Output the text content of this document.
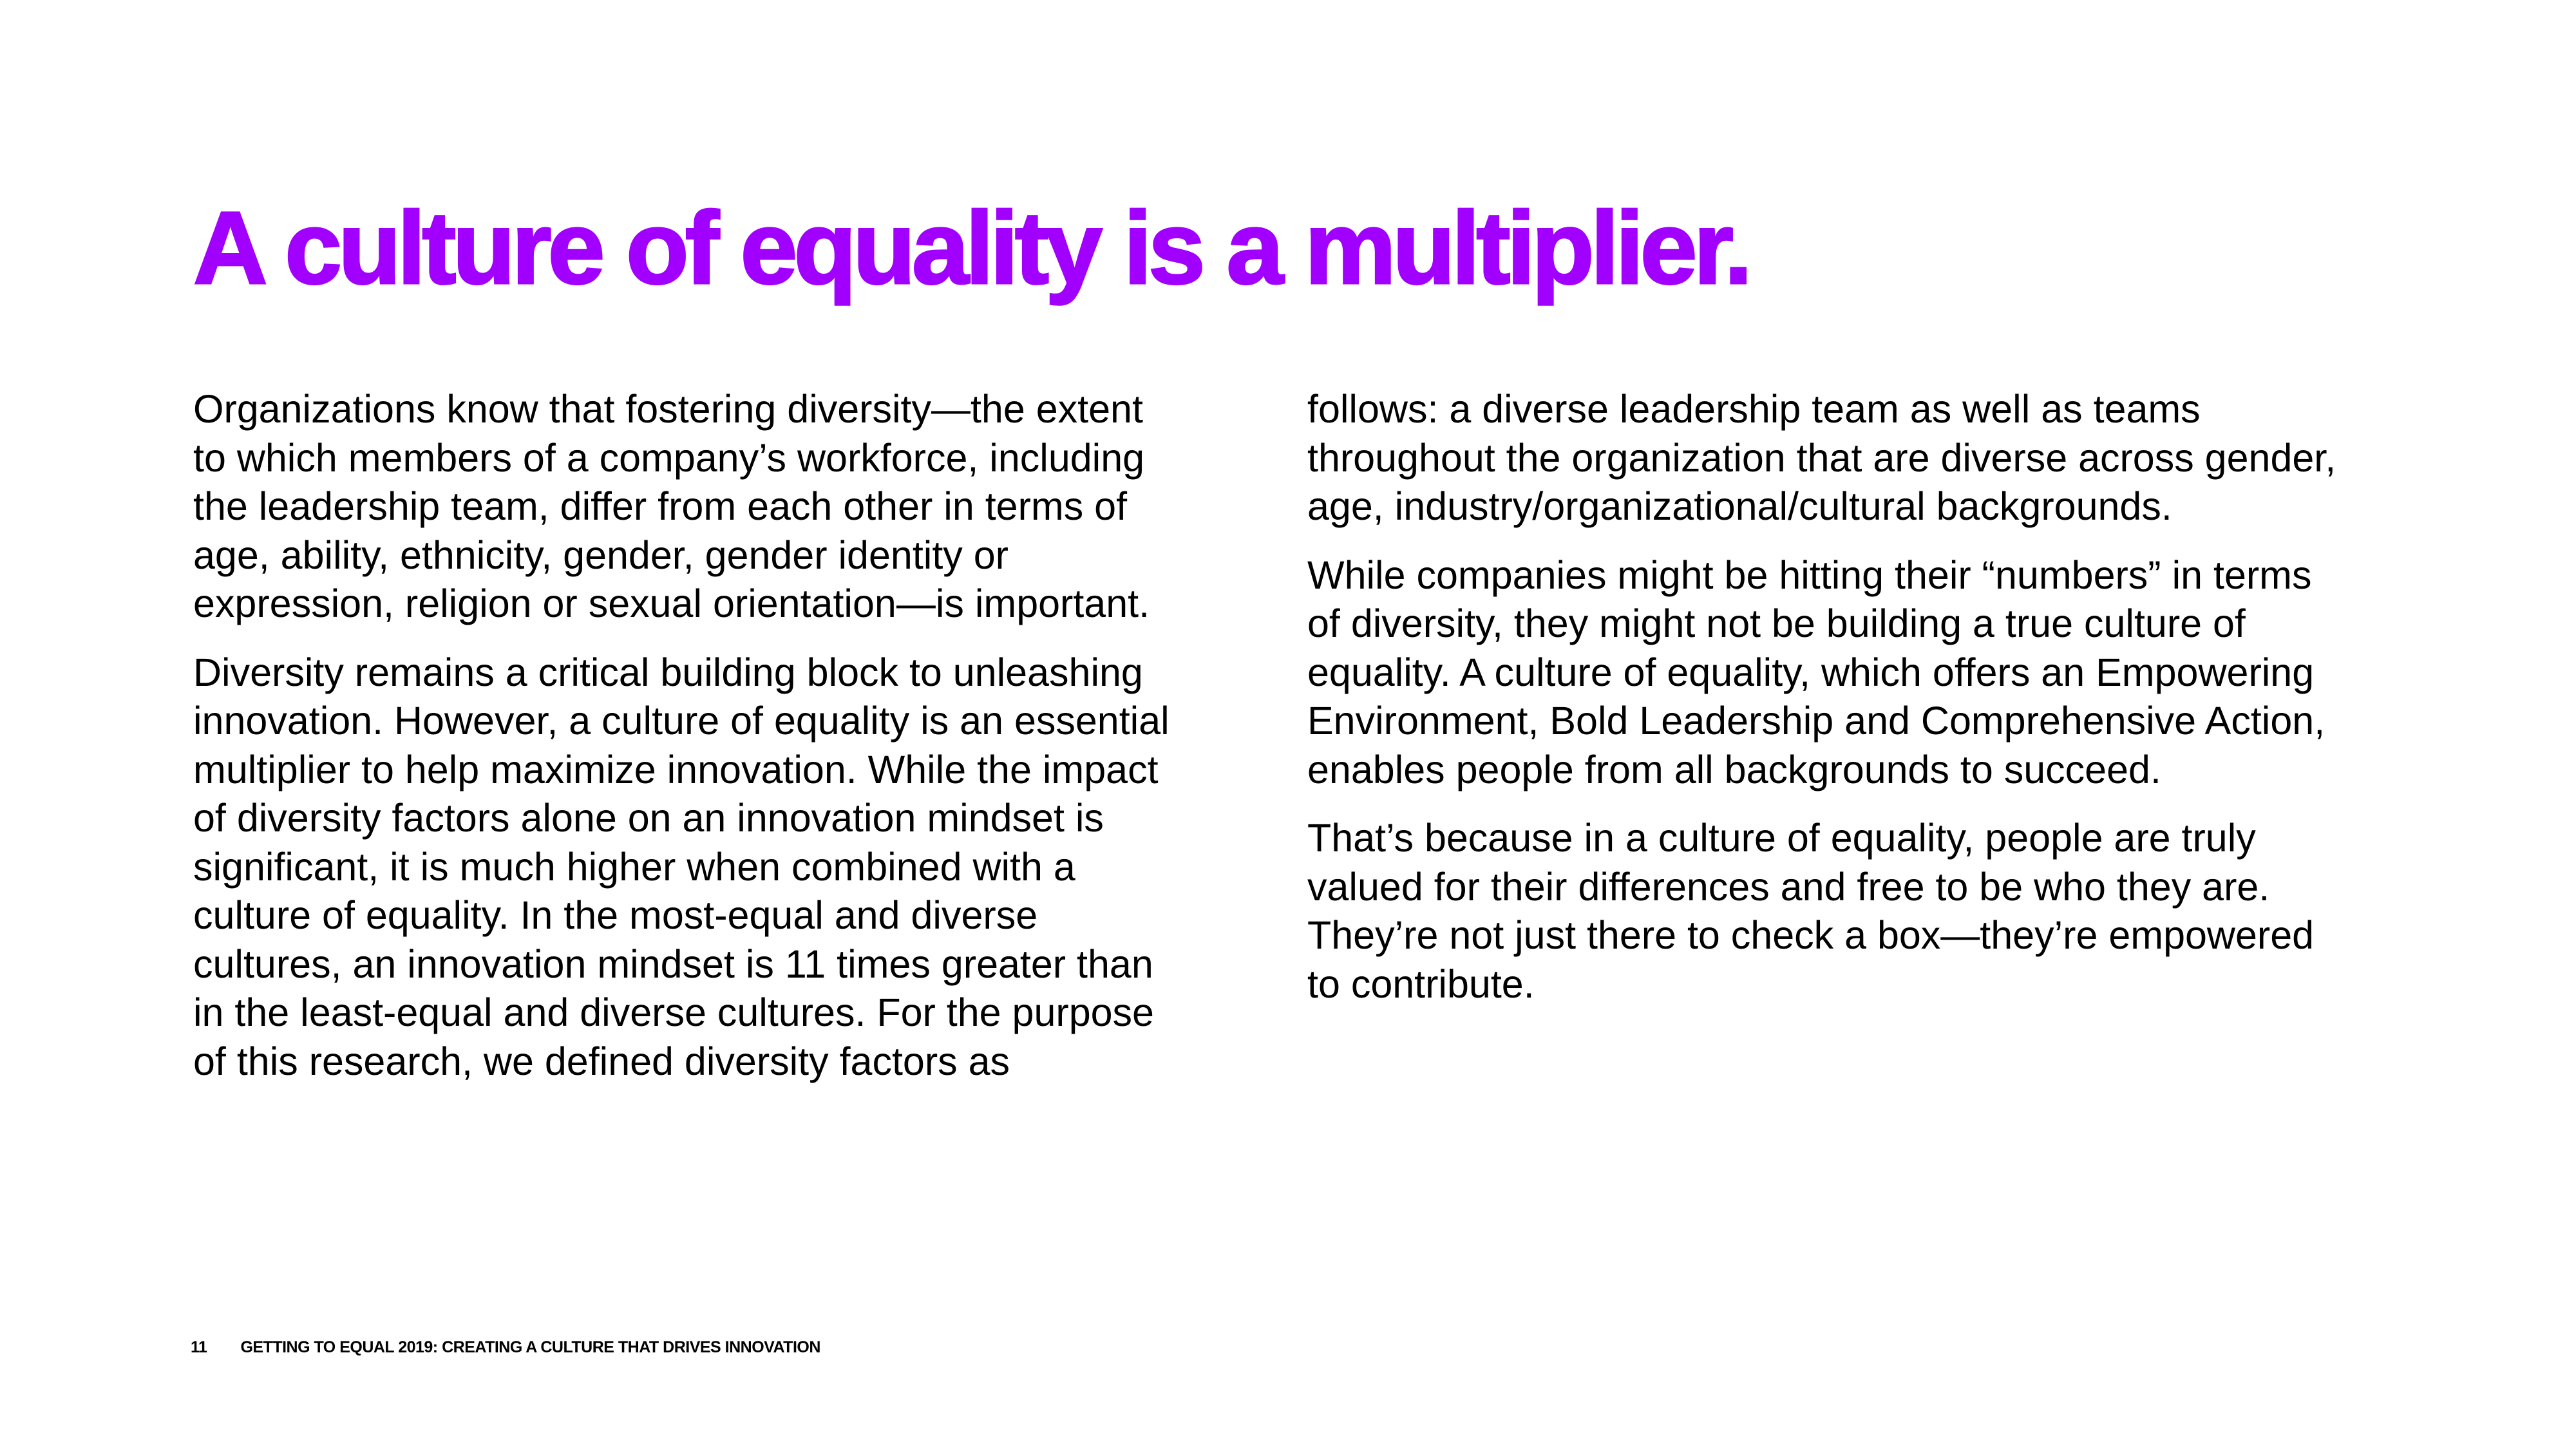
A culture of equality is a multiplier.

Organizations know that fostering diversity—the extent to which members of a company’s workforce, including the leadership team, differ from each other in terms of age, ability, ethnicity, gender, gender identity or expression, religion or sexual orientation—is important.

Diversity remains a critical building block to unleashing innovation. However, a culture of equality is an essential multiplier to help maximize innovation. While the impact of diversity factors alone on an innovation mindset is significant, it is much higher when combined with a culture of equality. In the most-equal and diverse cultures, an innovation mindset is 11 times greater than in the least-equal and diverse cultures. For the purpose of this research, we defined diversity factors as

follows: a diverse leadership team as well as teams throughout the organization that are diverse across gender, age, industry/organizational/cultural backgrounds.

While companies might be hitting their “numbers” in terms of diversity, they might not be building a true culture of equality. A culture of equality, which offers an Empowering Environment, Bold Leadership and Comprehensive Action, enables people from all backgrounds to succeed.

That’s because in a culture of equality, people are truly valued for their differences and free to be who they are. They’re not just there to check a box—they’re empowered to contribute.

11 GETTING TO EQUAL 2019: CREATING A CULTURE THAT DRIVES INNOVATION
